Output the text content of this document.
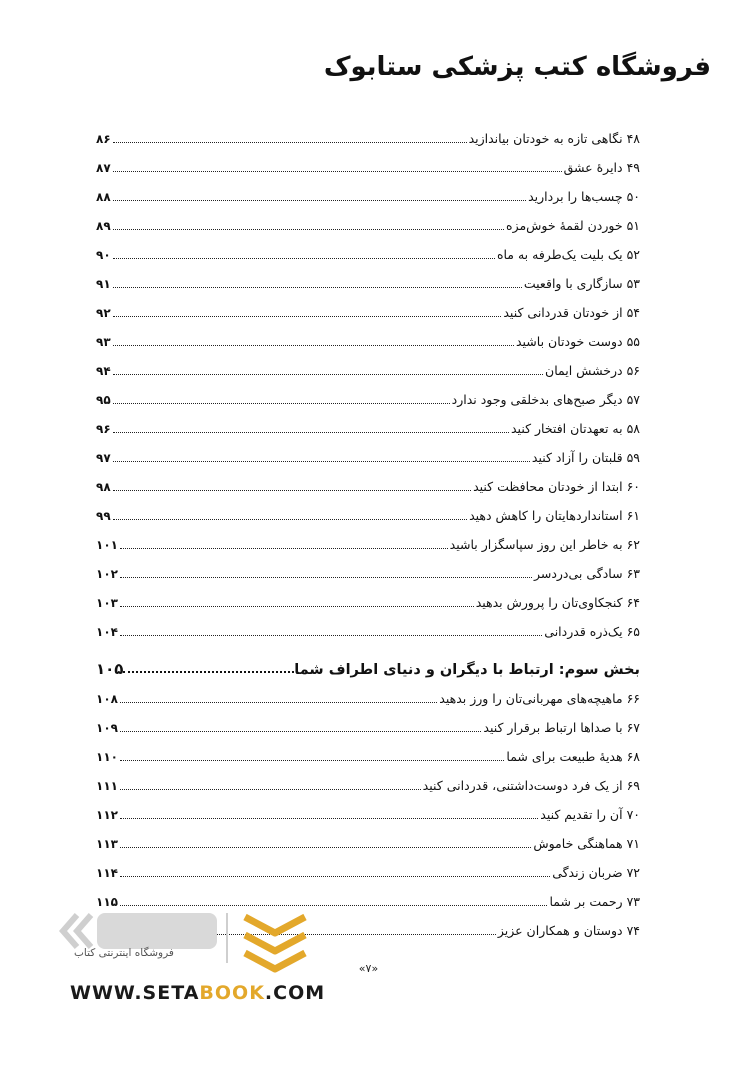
فروشگاه کتب پزشکی ستابوک
۴۸ نگاهی تازه به خودتان بیاندازید
۸۶
۴۹ دایرهٔ عشق
۸۷
۵۰ چسب‌ها را بردارید
۸۸
۵۱ خوردن لقمهٔ خوش‌مزه
۸۹
۵۲ یک بلیت یک‌طرفه به ماه
۹۰
۵۳ سازگاری با واقعیت
۹۱
۵۴ از خودتان قدردانی کنید
۹۲
۵۵ دوست خودتان باشید
۹۳
۵۶ درخشش ایمان
۹۴
۵۷ دیگر صبح‌های بدخلقی وجود ندارد
۹۵
۵۸ به تعهدتان افتخار کنید
۹۶
۵۹ قلبتان را آزاد کنید
۹۷
۶۰ ابتدا از خودتان محافظت کنید
۹۸
۶۱ استانداردهایتان را کاهش دهید
۹۹
۶۲ به خاطر این روز سپاسگزار باشید
۱۰۱
۶۳ سادگی بی‌دردسر
۱۰۲
۶۴ کنجکاوی‌تان را پرورش بدهید
۱۰۳
۶۵ یک‌ذره قدردانی
۱۰۴
بخش سوم: ارتباط با دیگران و دنیای اطراف شما
۱۰۵
۶۶ ماهیچه‌های مهربانی‌تان را ورز بدهید
۱۰۸
۶۷ با صداها ارتباط برقرار کنید
۱۰۹
۶۸ هدیهٔ طبیعت برای شما
۱۱۰
۶۹ از یک فرد دوست‌داشتنی، قدردانی کنید
۱۱۱
۷۰ آن را تقدیم کنید
۱۱۲
۷۱ هماهنگی خاموش
۱۱۳
۷۲ ضربان زندگی
۱۱۴
۷۳ رحمت بر شما
۱۱۵
۷۴ دوستان و همکاران عزیز
«۷»
فروشگاه اینترنتی کتاب
WWW.SETABOOK.COM
